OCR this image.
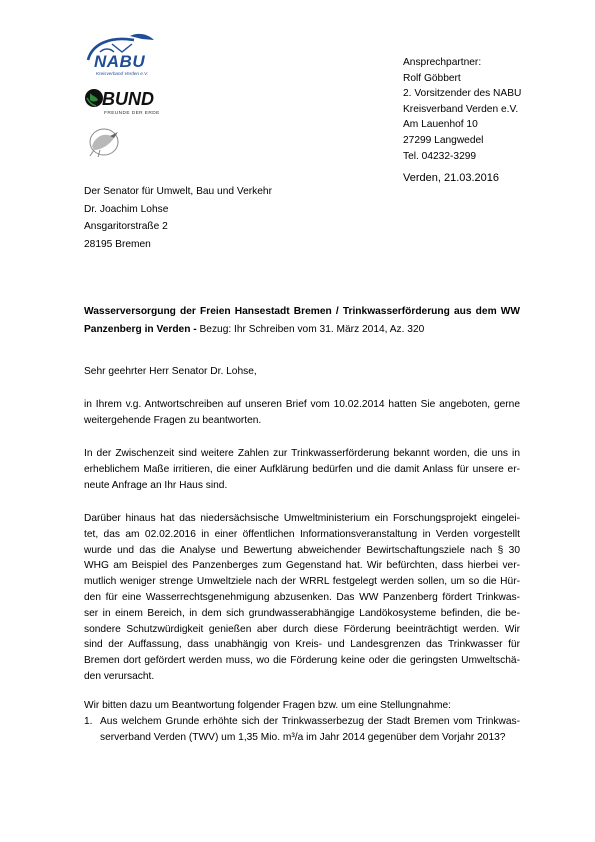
NABU
Kreisverband Verden e.V.
BUND
FREUNDE DER ERDE
Ansprechpartner:
Rolf Göbbert
2. Vorsitzender des NABU
Kreisverband Verden e.V.
Am Lauenhof 10
27299 Langwedel
Tel. 04232-3299
Verden, 21.03.2016
Der Senator für Umwelt, Bau und Verkehr
Dr. Joachim Lohse
Ansgaritorstraße 2
28195 Bremen
Wasserversorgung der Freien Hansestadt Bremen / Trinkwasserförderung aus dem WW
Panzenberg in Verden - Bezug: Ihr Schreiben vom 31. März 2014, Az. 320
Sehr geehrter Herr Senator Dr. Lohse,
in Ihrem v.g. Antwortschreiben auf unseren Brief vom 10.02.2014 hatten Sie angeboten, gerne
weitergehende Fragen zu beantworten.
In der Zwischenzeit sind weitere Zahlen zur Trinkwasserförderung bekannt worden, die uns in
erheblichem Maße irritieren, die einer Aufklärung bedürfen und die damit Anlass für unsere er-
neute Anfrage an Ihr Haus sind.
Darüber hinaus hat das niedersächsische Umweltministerium ein Forschungsprojekt eingelei-
tet, das am 02.02.2016 in einer öffentlichen Informationsveranstaltung in Verden vorgestellt
wurde und das die Analyse und Bewertung abweichender Bewirtschaftungsziele nach § 30
WHG am Beispiel des Panzenberges zum Gegenstand hat. Wir befürchten, dass hierbei ver-
mutlich weniger strenge Umweltziele nach der WRRL festgelegt werden sollen, um so die Hür-
den für eine Wasserrechtsgenehmigung abzusenken. Das WW Panzenberg fördert Trinkwas-
ser in einem Bereich, in dem sich grundwasserabhängige Landökosysteme befinden, die be-
sondere Schutzwürdigkeit genießen aber durch diese Förderung beeinträchtigt werden. Wir
sind der Auffassung, dass unabhängig von Kreis- und Landesgrenzen das Trinkwasser für
Bremen dort gefördert werden muss, wo die Förderung keine oder die geringsten Umweltschä-
den verursacht.
Wir bitten dazu um Beantwortung folgender Fragen bzw. um eine Stellungnahme:
1. Aus welchem Grunde erhöhte sich der Trinkwasserbezug der Stadt Bremen vom Trinkwas-
serverband Verden (TWV) um 1,35 Mio. m³/a im Jahr 2014 gegenüber dem Vorjahr 2013?
